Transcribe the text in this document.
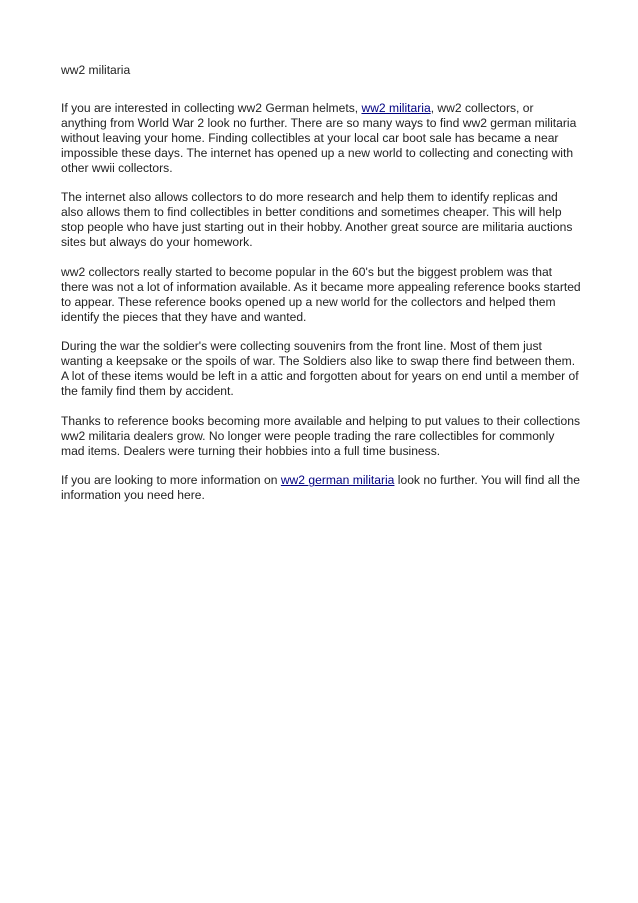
ww2 militaria

If you are interested in collecting ww2 German helmets, ww2 militaria, ww2 collectors, or anything from World War 2 look no further. There are so many ways to find ww2 german militaria without leaving your home. Finding collectibles at your local car boot sale has became a near impossible these days. The internet has opened up a new world to collecting and conecting with other wwii collectors.

The internet also allows collectors to do more research and help them to identify replicas and also allows them to find collectibles in better conditions and sometimes cheaper. This will help stop people who have just starting out in their hobby. Another great source are militaria auctions sites but always do your homework.

ww2 collectors really started to become popular in the 60's but the biggest problem was that there was not a lot of information available. As it became more appealing reference books started to appear. These reference books opened up a new world for the collectors and helped them identify the pieces that they have and wanted.

During the war the soldier's were collecting souvenirs from the front line. Most of them just wanting a keepsake or the spoils of war. The Soldiers also like to swap there find between them. A lot of these items would be left in a attic and forgotten about for years on end until a member of the family find them by accident.

Thanks to reference books becoming more available and helping to put values to their collections ww2 militaria dealers grow. No longer were people trading the rare collectibles for commonly mad items. Dealers were turning their hobbies into a full time business.

If you are looking to more information on ww2 german militaria look no further. You will find all the information you need here.
